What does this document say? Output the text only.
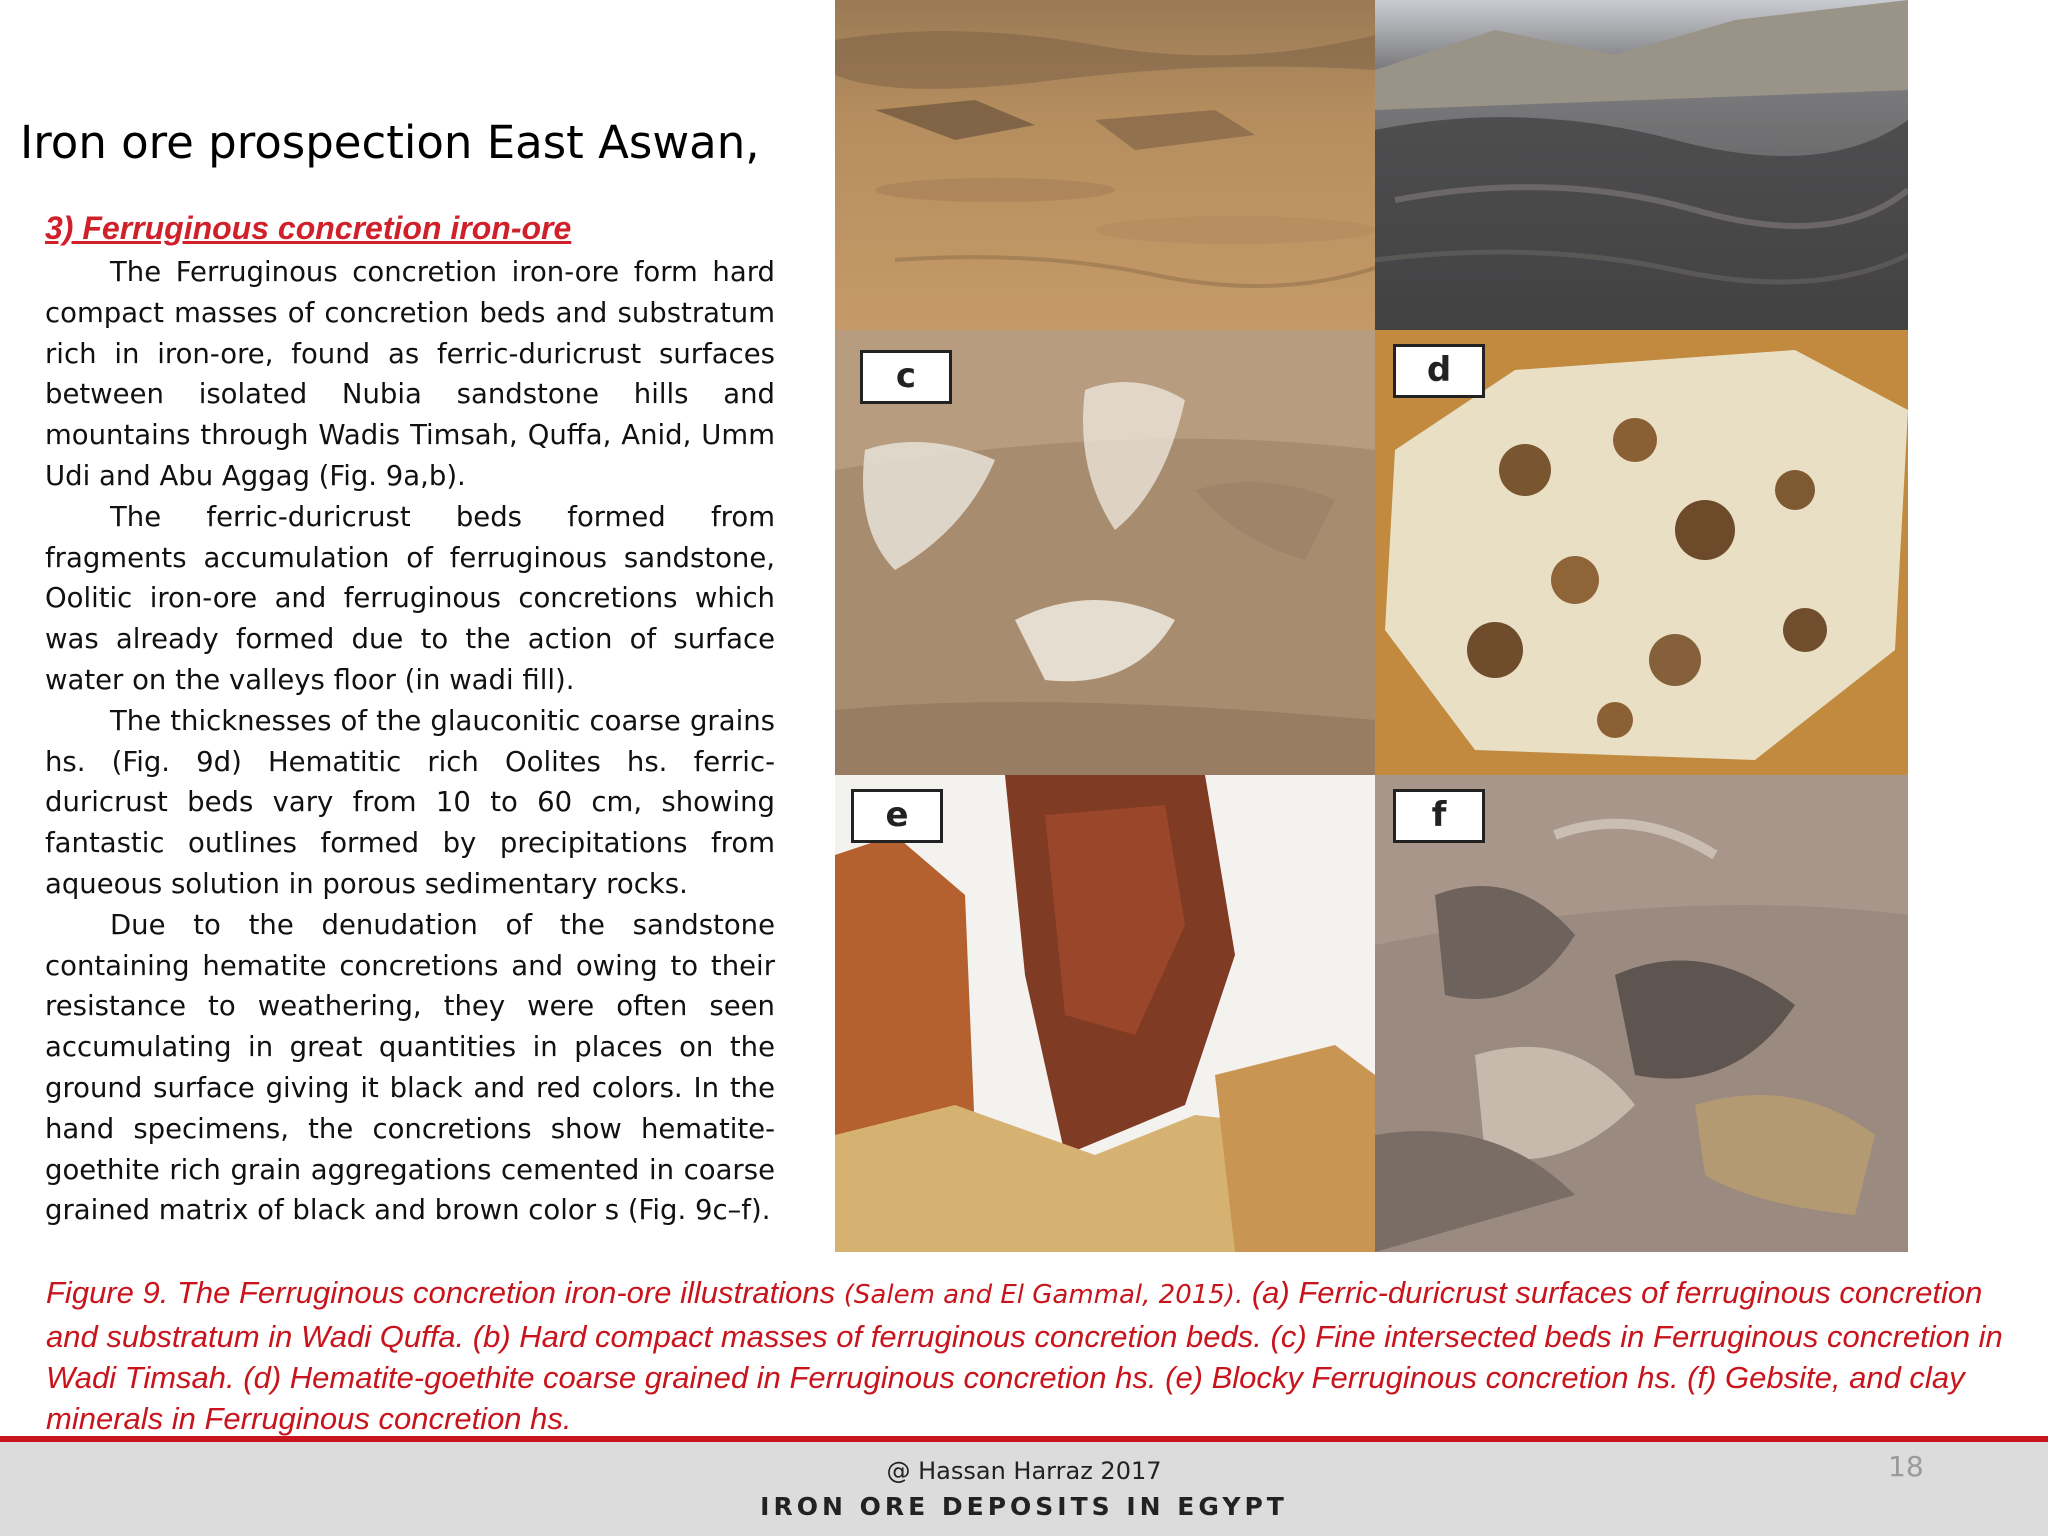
Iron ore prospection East Aswan,
3) Ferruginous concretion iron-ore

The Ferruginous concretion iron-ore form hard compact masses of concretion beds and substratum rich in iron-ore, found as ferric-duricrust surfaces between isolated Nubia sandstone hills and mountains through Wadis Timsah, Quffa, Anid, Umm Udi and Abu Aggag (Fig. 9a,b).

The ferric-duricrust beds formed from fragments accumulation of ferruginous sandstone, Oolitic iron-ore and ferruginous concretions which was already formed due to the action of surface water on the valleys floor (in wadi fill).

The thicknesses of the glauconitic coarse grains hs. (Fig. 9d) Hematitic rich Oolites hs. ferric-duricrust beds vary from 10 to 60 cm, showing fantastic outlines formed by precipitations from aqueous solution in porous sedimentary rocks.

Due to the denudation of the sandstone containing hematite concretions and owing to their resistance to weathering, they were often seen accumulating in great quantities in places on the ground surface giving it black and red colors. In the hand specimens, the concretions show hematite-goethite rich grain aggregations cemented in coarse grained matrix of black and brown color s (Fig. 9c–f).

c	d
e	f
Figure 9. The Ferruginous concretion iron-ore illustrations (Salem and El Gammal, 2015). (a) Ferric-duricrust surfaces of ferruginous concretion and substratum in Wadi Quffa. (b) Hard compact masses of ferruginous concretion beds. (c) Fine intersected beds in Ferruginous concretion in Wadi Timsah. (d) Hematite-goethite coarse grained in Ferruginous concretion hs. (e) Blocky Ferruginous concretion hs. (f) Gebsite, and clay minerals in Ferruginous concretion hs.
@ Hassan Harraz 2017
IRON ORE DEPOSITS IN EGYPT
18
